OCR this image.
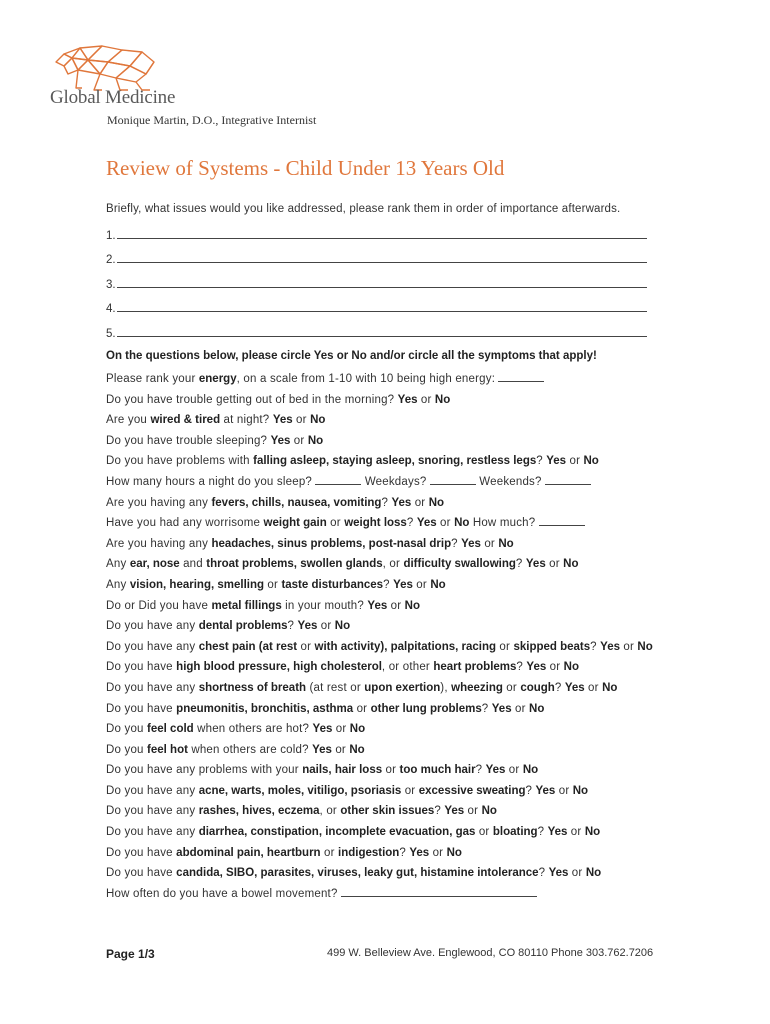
Global Medicine
Monique Martin, D.O., Integrative Internist
Review of Systems - Child Under 13 Years Old
Briefly, what issues would you like addressed, please rank them in order of importance afterwards.
1.
2.
3.
4.
5.
On the questions below, please circle Yes or No and/or circle all the symptoms that apply!
Please rank your energy, on a scale from 1-10 with 10 being high energy:
Do you have trouble getting out of bed in the morning? Yes or No
Are you wired & tired at night? Yes or No
Do you have trouble sleeping? Yes or No
Do you have problems with falling asleep, staying asleep, snoring, restless legs? Yes or No
How many hours a night do you sleep?	Weekdays?	Weekends?
Are you having any fevers, chills, nausea, vomiting? Yes or No
Have you had any worrisome weight gain or weight loss? Yes or No How much?
Are you having any headaches, sinus problems, post-nasal drip? Yes or No
Any ear, nose and throat problems, swollen glands, or difficulty swallowing? Yes or No
Any vision, hearing, smelling or taste disturbances? Yes or No
Do or Did you have metal fillings in your mouth? Yes or No
Do you have any dental problems? Yes or No
Do you have any chest pain (at rest or with activity), palpitations, racing or skipped beats? Yes or No
Do you have high blood pressure, high cholesterol, or other heart problems? Yes or No
Do you have any shortness of breath (at rest or upon exertion), wheezing or cough? Yes or No
Do you have pneumonitis, bronchitis, asthma or other lung problems? Yes or No
Do you feel cold when others are hot? Yes or No
Do you feel hot when others are cold? Yes or No
Do you have any problems with your nails, hair loss or too much hair? Yes or No
Do you have any acne, warts, moles, vitiligo, psoriasis or excessive sweating? Yes or No
Do you have any rashes, hives, eczema, or other skin issues? Yes or No
Do you have any diarrhea, constipation, incomplete evacuation, gas or bloating? Yes or No
Do you have abdominal pain, heartburn or indigestion? Yes or No
Do you have candida, SIBO, parasites, viruses, leaky gut, histamine intolerance? Yes or No
How often do you have a bowel movement?
Page 1/3	499 W. Belleview Ave. Englewood, CO 80110 Phone 303.762.7206
